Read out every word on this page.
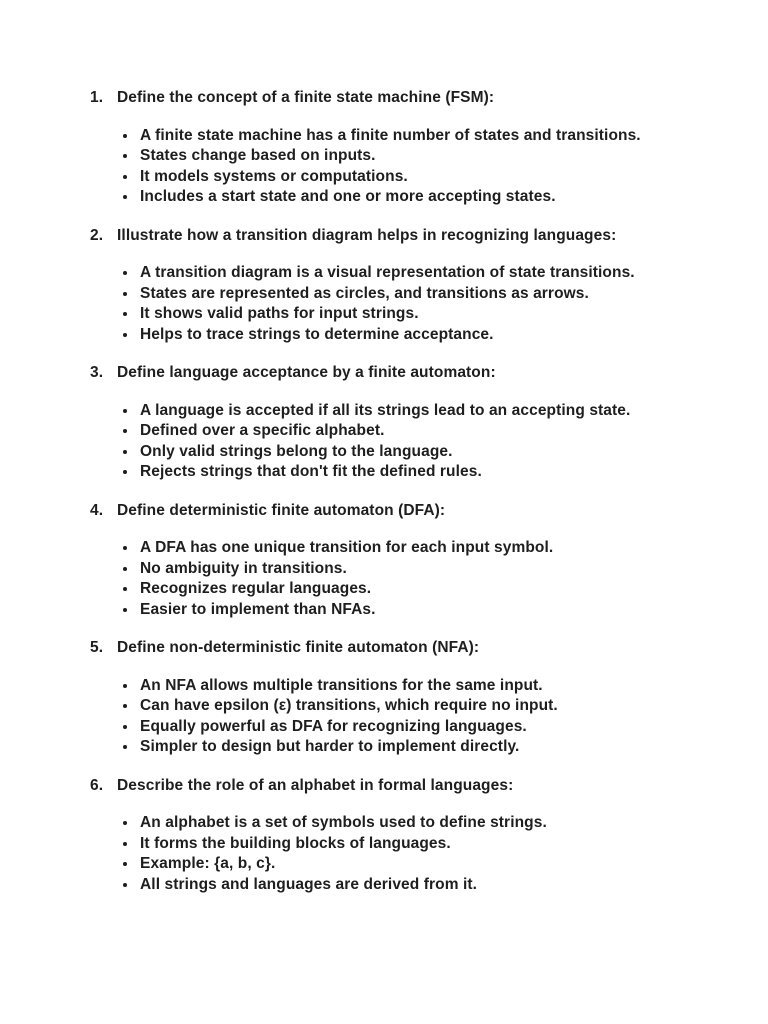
1. Define the concept of a finite state machine (FSM):
A finite state machine has a finite number of states and transitions.
States change based on inputs.
It models systems or computations.
Includes a start state and one or more accepting states.
2. Illustrate how a transition diagram helps in recognizing languages:
A transition diagram is a visual representation of state transitions.
States are represented as circles, and transitions as arrows.
It shows valid paths for input strings.
Helps to trace strings to determine acceptance.
3. Define language acceptance by a finite automaton:
A language is accepted if all its strings lead to an accepting state.
Defined over a specific alphabet.
Only valid strings belong to the language.
Rejects strings that don't fit the defined rules.
4. Define deterministic finite automaton (DFA):
A DFA has one unique transition for each input symbol.
No ambiguity in transitions.
Recognizes regular languages.
Easier to implement than NFAs.
5. Define non-deterministic finite automaton (NFA):
An NFA allows multiple transitions for the same input.
Can have epsilon (ε) transitions, which require no input.
Equally powerful as DFA for recognizing languages.
Simpler to design but harder to implement directly.
6. Describe the role of an alphabet in formal languages:
An alphabet is a set of symbols used to define strings.
It forms the building blocks of languages.
Example: {a, b, c}.
All strings and languages are derived from it.
